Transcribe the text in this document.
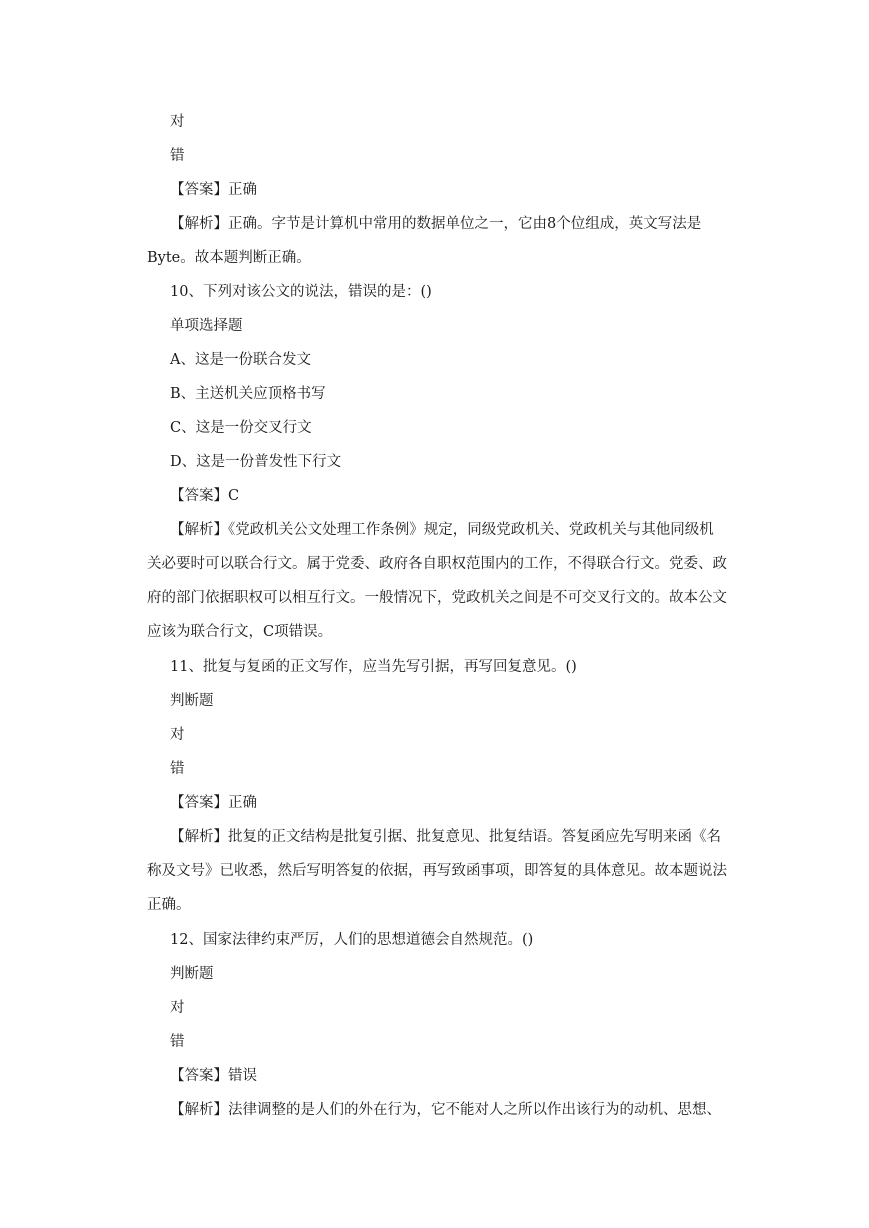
对
错
【答案】正确
【解析】正确。字节是计算机中常用的数据单位之一，它由8个位组成，英文写法是
Byte。故本题判断正确。
10、下列对该公文的说法，错误的是：()
单项选择题
A、这是一份联合发文
B、主送机关应顶格书写
C、这是一份交叉行文
D、这是一份普发性下行文
【答案】C
【解析】《党政机关公文处理工作条例》规定，同级党政机关、党政机关与其他同级机
关必要时可以联合行文。属于党委、政府各自职权范围内的工作，不得联合行文。党委、政
府的部门依据职权可以相互行文。一般情况下，党政机关之间是不可交叉行文的。故本公文
应该为联合行文，C项错误。
11、批复与复函的正文写作，应当先写引据，再写回复意见。()
判断题
对
错
【答案】正确
【解析】批复的正文结构是批复引据、批复意见、批复结语。答复函应先写明来函《名
称及文号》已收悉，然后写明答复的依据，再写致函事项，即答复的具体意见。故本题说法
正确。
12、国家法律约束严厉，人们的思想道德会自然规范。()
判断题
对
错
【答案】错误
【解析】法律调整的是人们的外在行为，它不能对人之所以作出该行为的动机、思想、
